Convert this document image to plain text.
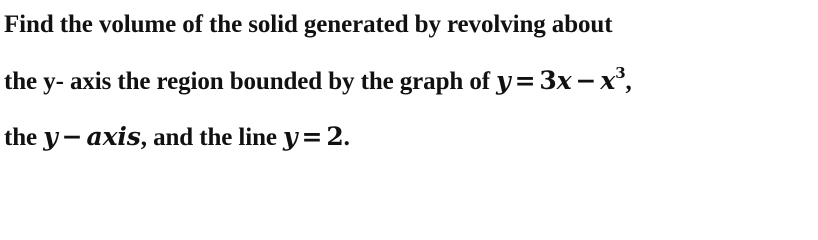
Find the volume of the solid generated by revolving about
the y- axis the region bounded by the graph of $y = 3x - x^3$,
the y − axis, and the line y = 2.
